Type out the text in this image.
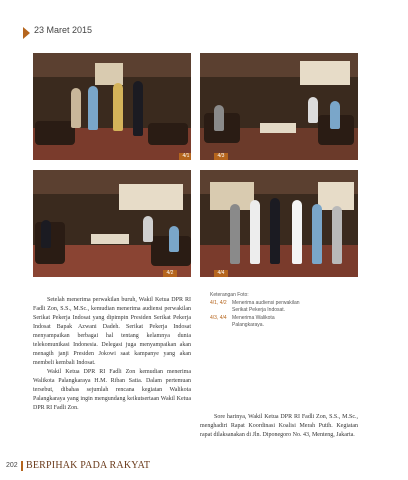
23 Maret 2015
4/1	4/3
4/2	4/4
Keterangan Foto:
4/1, 4/2	Menerima audiensi perwakilan
Serikat Pekerja Indosat.
4/3, 4/4	Menerima Walikota
Palangkaraya.

Setelah menerima perwakilan buruh, Wakil Ketua DPR RI Fadli Zon, S.S., M.Sc., kemudian menerima audiensi perwakilan Serikat Pekerja Indosat yang dipimpin Presiden Serikat Pekerja Indosat Bapak Azwani Dadeh. Serikat Pekerja Indosat menyampaikan berbagai hal tentang kelamnya dunia telekomunikasi Indonesia. Delegasi juga menyampaikan akan menagih janji Presiden Jokowi saat kampanye yang akan membeli kembali Indosat.

Wakil Ketua DPR RI Fadli Zon kemudian menerima Walikota Palangkaraya H.M. Riban Satia. Dalam pertemuan tersebut, dibahas sejumlah rencana kegiatan Walikota Palangkaraya yang ingin mengundang keikutsertaan Wakil Ketua DPR RI Fadli Zon.

Sore harinya, Wakil Ketua DPR RI Fadli Zon, S.S., M.Sc., menghadiri Rapat Koordinasi Koalisi Merah Putih. Kegiatan rapat dilaksanakan di Jln. Diponegoro No. 43, Menteng, Jakarta.

202 BERPIHAK PADA RAKYAT
